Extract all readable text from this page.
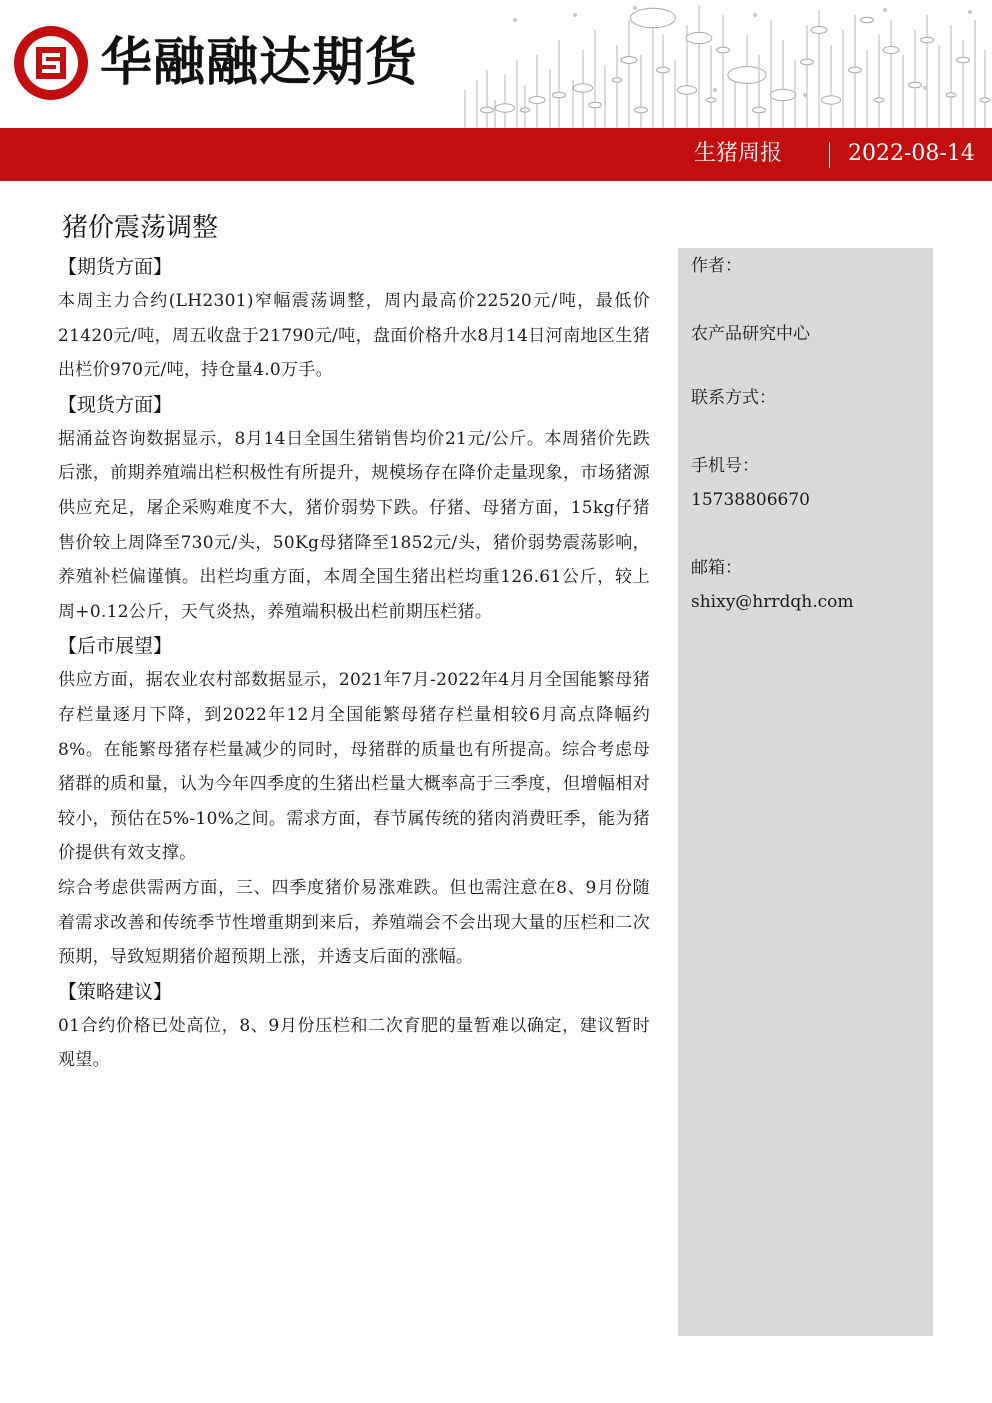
华融融达期货
生猪周报	2022-08-14
猪价震荡调整
【期货方面】
本周主力合约(LH2301)窄幅震荡调整，周内最高价22520元/吨，最低价21420元/吨，周五收盘于21790元/吨，盘面价格升水8月14日河南地区生猪出栏价970元/吨，持仓量4.0万手。
【现货方面】
据涌益咨询数据显示，8月14日全国生猪销售均价21元/公斤。本周猪价先跌后涨，前期养殖端出栏积极性有所提升，规模场存在降价走量现象，市场猪源供应充足，屠企采购难度不大，猪价弱势下跌。仔猪、母猪方面，15kg仔猪售价较上周降至730元/头，50Kg母猪降至1852元/头，猪价弱势震荡影响，养殖补栏偏谨慎。出栏均重方面，本周全国生猪出栏均重126.61公斤，较上周+0.12公斤，天气炎热，养殖端积极出栏前期压栏猪。
【后市展望】
供应方面，据农业农村部数据显示，2021年7月-2022年4月月全国能繁母猪存栏量逐月下降，到2022年12月全国能繁母猪存栏量相较6月高点降幅约8%。在能繁母猪存栏量减少的同时，母猪群的质量也有所提高。综合考虑母猪群的质和量，认为今年四季度的生猪出栏量大概率高于三季度，但增幅相对较小，预估在5%-10%之间。需求方面，春节属传统的猪肉消费旺季，能为猪价提供有效支撑。
综合考虑供需两方面，三、四季度猪价易涨难跌。但也需注意在8、9月份随着需求改善和传统季节性增重期到来后，养殖端会不会出现大量的压栏和二次预期，导致短期猪价超预期上涨，并透支后面的涨幅。
【策略建议】
01合约价格已处高位，8、9月份压栏和二次育肥的量暂难以确定，建议暂时观望。
作者：
农产品研究中心
联系方式：
手机号：
15738806670
邮箱：
shixy@hrrdqh.com
